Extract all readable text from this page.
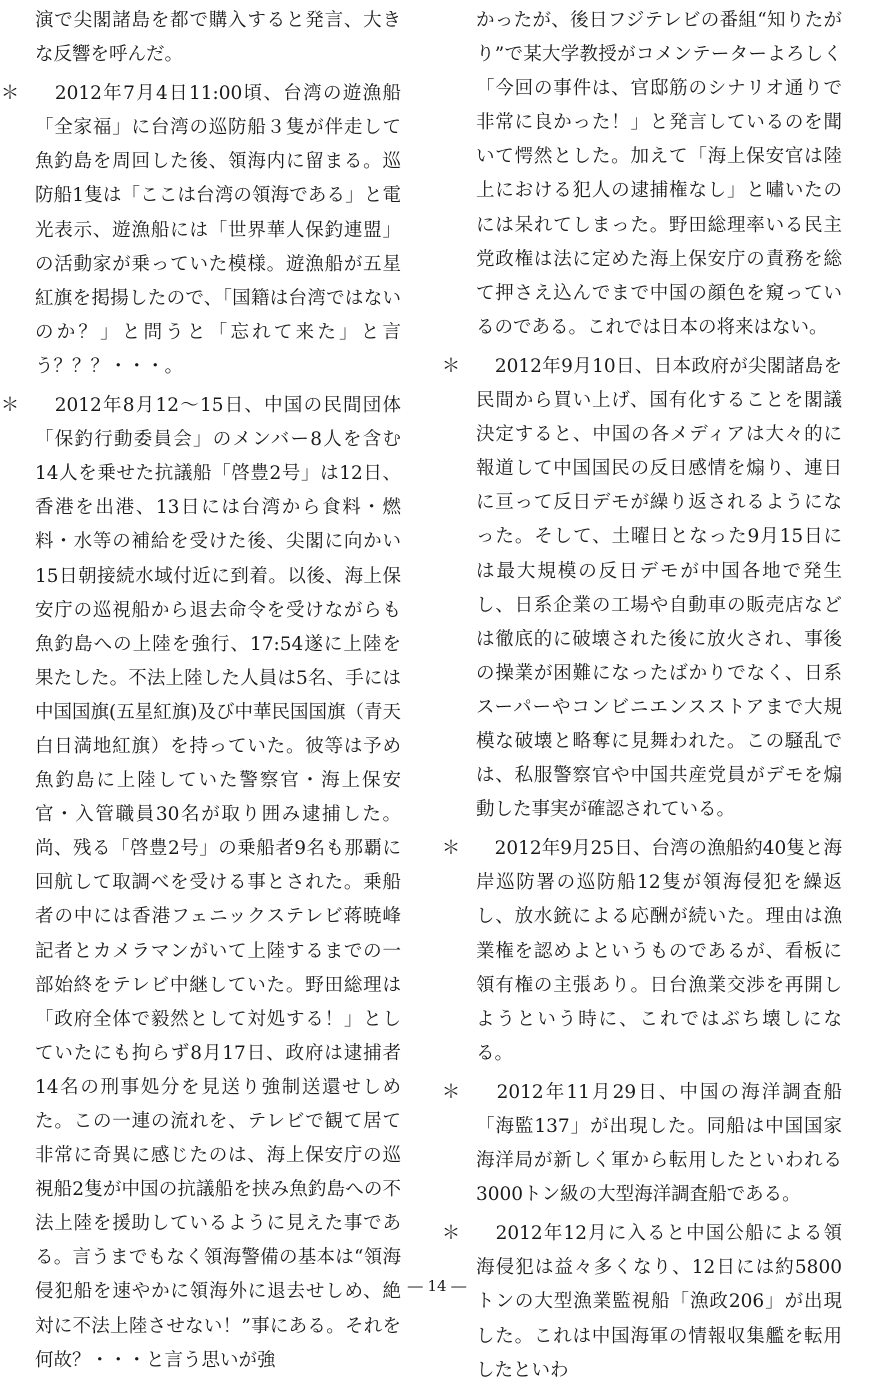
演で尖閣諸島を都で購入すると発言、大きな反響を呼んだ。

＊ 　2012年7月4日11:00頃、台湾の遊漁船「全家福」に台湾の巡防船３隻が伴走して魚釣島を周回した後、領海内に留まる。巡防船1隻は「ここは台湾の領海である」と電光表示、遊漁船には「世界華人保釣連盟」の活動家が乗っていた模様。遊漁船が五星紅旗を掲揚したので、「国籍は台湾ではないのか？」と問うと「忘れて来た」と言う？？？・・・。
＊ 　2012年8月12〜15日、中国の民間団体「保釣行動委員会」のメンバー8人を含む14人を乗せた抗議船「啓豊2号」は12日、香港を出港、13日には台湾から食料・燃料・水等の補給を受けた後、尖閣に向かい15日朝接続水域付近に到着。以後、海上保安庁の巡視船から退去命令を受けながらも魚釣島への上陸を強行、17:54遂に上陸を果たした。不法上陸した人員は5名、手には中国国旗(五星紅旗)及び中華民国国旗（青天白日満地紅旗）を持っていた。彼等は予め魚釣島に上陸していた警察官・海上保安官・入管職員30名が取り囲み逮捕した。尚、残る「啓豊2号」の乗船者9名も那覇に回航して取調べを受ける事とされた。乗船者の中には香港フェニックステレビ蒋暁峰記者とカメラマンがいて上陸するまでの一部始終をテレビ中継していた。野田総理は「政府全体で毅然として対処する！」としていたにも拘らず8月17日、政府は逮捕者14名の刑事処分を見送り強制送還せしめた。この一連の流れを、テレビで観て居て非常に奇異に感じたのは、海上保安庁の巡視船2隻が中国の抗議船を挟み魚釣島への不法上陸を援助しているように見えた事である。言うまでもなく領海警備の基本は“領海侵犯船を速やかに領海外に退去せしめ、絶対に不法上陸させない！”事にある。それを何故？・・・と言う思いが強

かったが、後日フジテレビの番組“知りたがり”で某大学教授がコメンテーターよろしく「今回の事件は、官邸筋のシナリオ通りで非常に良かった！」と発言しているのを聞いて愕然とした。加えて「海上保安官は陸上における犯人の逮捕権なし」と嘯いたのには呆れてしまった。野田総理率いる民主党政権は法に定めた海上保安庁の責務を総て押さえ込んでまで中国の顔色を窺っているのである。これでは日本の将来はない。

＊ 　2012年9月10日、日本政府が尖閣諸島を民間から買い上げ、国有化することを閣議決定すると、中国の各メディアは大々的に報道して中国国民の反日感情を煽り、連日に亘って反日デモが繰り返されるようになった。そして、土曜日となった9月15日には最大規模の反日デモが中国各地で発生し、日系企業の工場や自動車の販売店などは徹底的に破壊された後に放火され、事後の操業が困難になったばかりでなく、日系スーパーやコンビニエンスストアまで大規模な破壊と略奪に見舞われた。この騒乱では、私服警察官や中国共産党員がデモを煽動した事実が確認されている。
＊ 　2012年9月25日、台湾の漁船約40隻と海岸巡防署の巡防船12隻が領海侵犯を繰返し、放水銃による応酬が続いた。理由は漁業権を認めよというものであるが、看板に領有権の主張あり。日台漁業交渉を再開しようという時に、これではぶち壊しになる。
＊ 　2012年11月29日、中国の海洋調査船「海監137」が出現した。同船は中国国家海洋局が新しく軍から転用したといわれる3000トン級の大型海洋調査船である。
＊ 　2012年12月に入ると中国公船による領海侵犯は益々多くなり、12日には約5800トンの大型漁業監視船「漁政206」が出現した。これは中国海軍の情報収集艦を転用したといわ
― 14 ―
